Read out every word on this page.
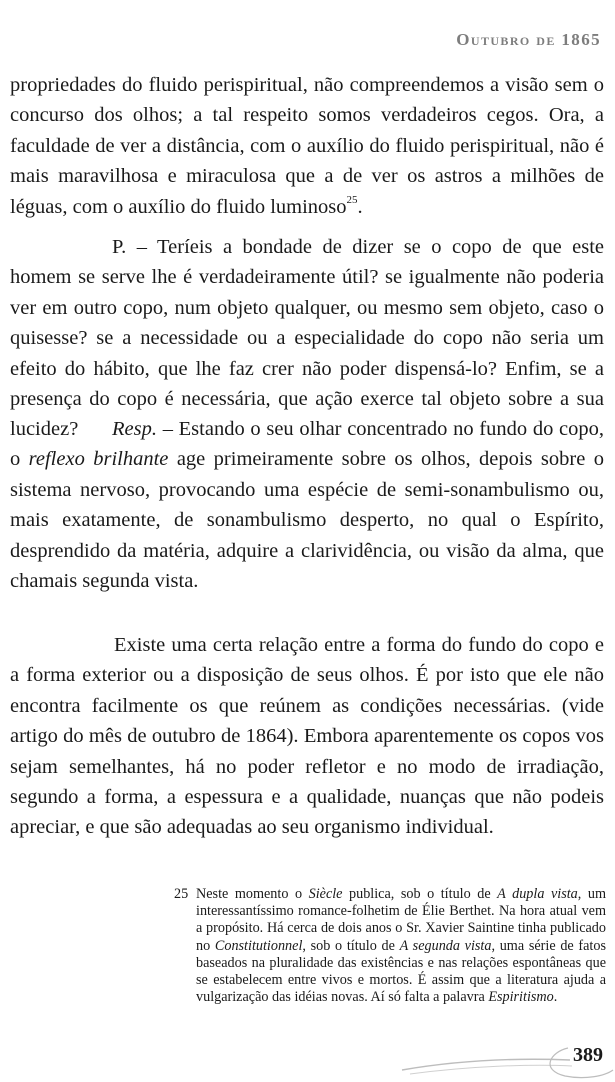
Outubro de 1865

propriedades do fluido perispiritual, não compreendemos a visão sem o concurso dos olhos; a tal respeito somos verdadeiros cegos. Ora, a faculdade de ver a distância, com o auxílio do fluido perispiritual, não é mais maravilhosa e miraculosa que a de ver os astros a milhões de léguas, com o auxílio do fluido luminoso$^{25}$.

P. – Teríeis a bondade de dizer se o copo de que este homem se serve lhe é verdadeiramente útil? se igualmente não poderia ver em outro copo, num objeto qualquer, ou mesmo sem objeto, caso o quisesse? se a necessidade ou a especialidade do copo não seria um efeito do hábito, que lhe faz crer não poder dispensá-lo? Enfim, se a presença do copo é necessária, que ação exerce tal objeto sobre a sua lucidez?	Resp. – Estando o seu olhar concentrado no fundo do copo, o reflexo brilhante age primeiramente sobre os olhos, depois sobre o sistema nervoso, provocando uma espécie de semi-sonambulismo ou, mais exatamente, de sonambulismo desperto, no qual o Espírito, desprendido da matéria, adquire a clarividência, ou visão da alma, que chamais segunda vista.

Existe uma certa relação entre a forma do fundo do copo e a forma exterior ou a disposição de seus olhos. É por isto que ele não encontra facilmente os que reúnem as condições necessárias. (vide artigo do mês de outubro de 1864). Embora aparentemente os copos vos sejam semelhantes, há no poder refletor e no modo de irradiação, segundo a forma, a espessura e a qualidade, nuanças que não podeis apreciar, e que são adequadas ao seu organismo individual.

25 Neste momento o Siècle publica, sob o título de A dupla vista, um interessantíssimo romance-folhetim de Élie Berthet. Na hora atual vem a propósito. Há cerca de dois anos o Sr. Xavier Saintine tinha publicado no Constitutionnel, sob o título de A segunda vista, uma série de fatos baseados na pluralidade das existências e nas relações espontâneas que se estabelecem entre vivos e mortos. É assim que a literatura ajuda a vulgarização das idéias novas. Aí só falta a palavra Espiritismo.
389
